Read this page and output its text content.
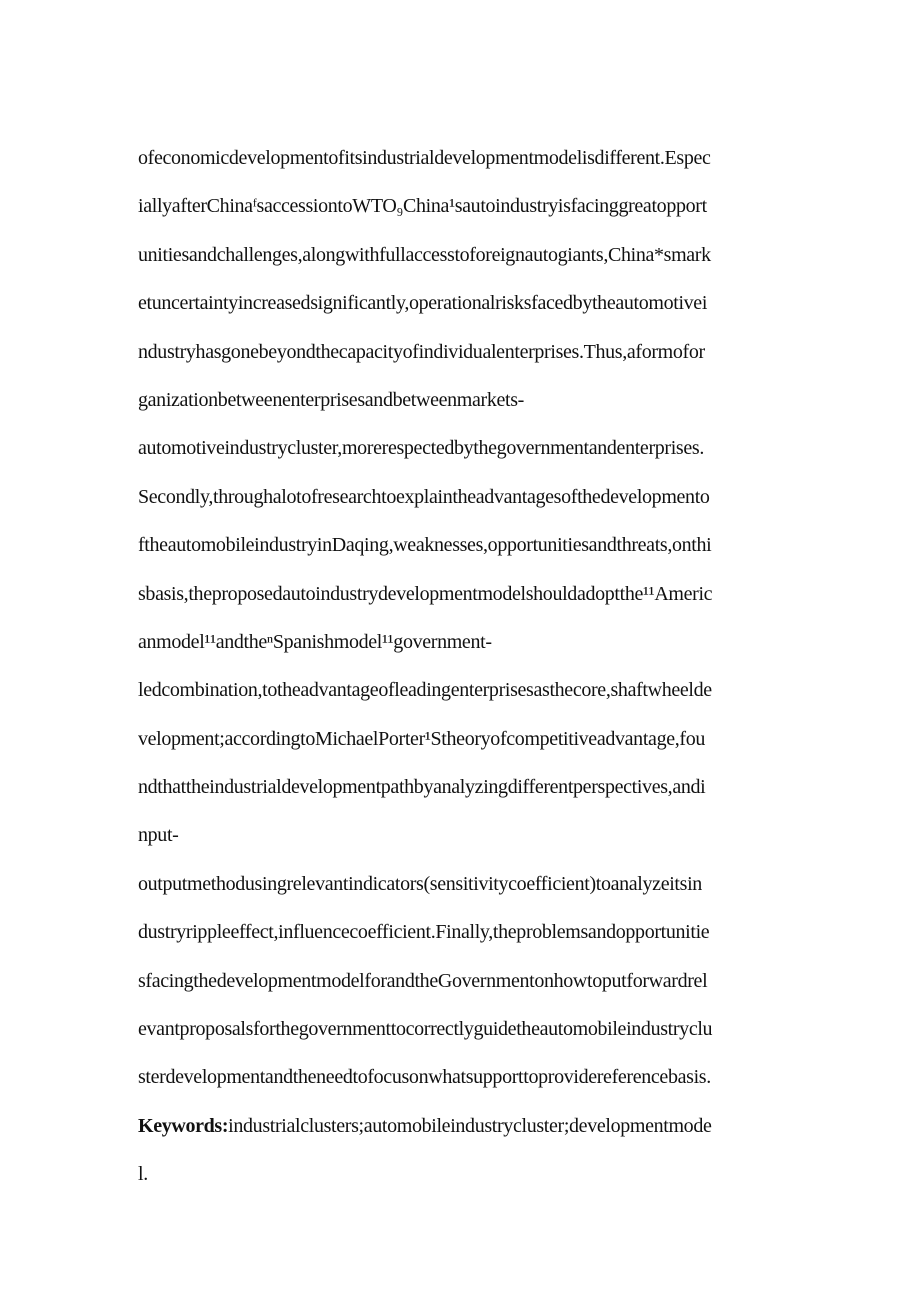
ofeconomicdevelopmentofitsindustrialdevelopmentmodelisdifferent.Espec
iallyafterChinaᶠsaccessiontoWTO₉China¹sautoindustryisfacinggreatopport
unitiesandchallenges,alongwithfullaccesstoforeignautogiants,China*smark
etuncertaintyincreasedsignificantly,operationalrisksfacedbytheautomotivei
ndustryhasgonebeyondthecapacityofindividualenterprises.Thus,aformofor
ganizationbetweenenterprisesandbetweenmarkets-
automotiveindustrycluster,morerespectedbythegovernmentandenterprises.
Secondly,throughalotofresearchtoexplaintheadvantagesofthedevelopmento
ftheautomobileindustryinDaqing,weaknesses,opportunitiesandthreats,onthi
sbasis,theproposedautoindustrydevelopmentmodelshouldadoptthe¹¹Americ
anmodel¹¹andtheⁿSpanishmodel¹¹government-
ledcombination,totheadvantageofleadingenterprisesasthecore,shaftwheelde
velopment;accordingtoMichaelPorter¹Stheoryofcompetitiveadvantage,fou
ndthattheindustrialdevelopmentpathbyanalyzingdifferentperspectives,andi
nput-
outputmethodusingrelevantindicators(sensitivitycoefficient)toanalyzeitsin
dustryrippleeffect,influencecoefficient.Finally,theproblemsandopportunitie
sfacingthedevelopmentmodelforandtheGovernmentonhowtoputforwardrel
evantproposalsforthegovernmenttocorrectlyguidetheautomobileindustryclu
sterdevelopmentandtheneedtofocusonwhatsupporttoprovidereferencebasis.
Keywords:industrialclusters;automobileindustrycluster;developmentmode
l.
